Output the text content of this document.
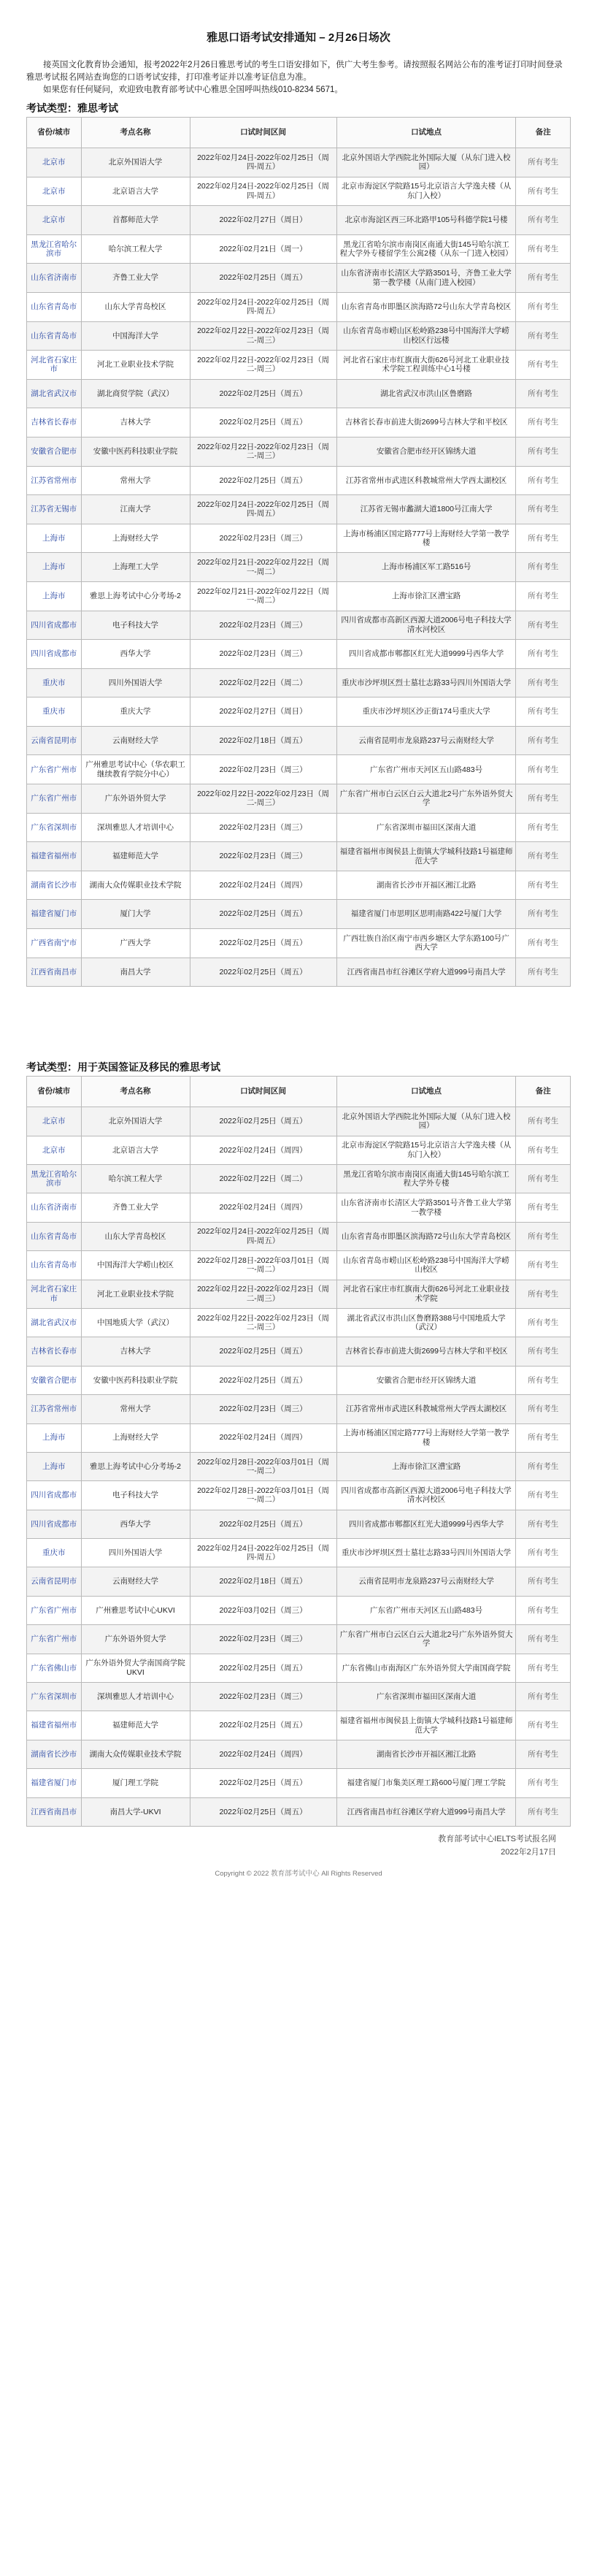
雅思口语考试安排通知 – 2月26日场次

接英国文化教育协会通知，报考2022年2月26日雅思考试的考生口语安排如下，供广大考生参考。请按照报名网站公布的准考证打印时间登录雅思考试报名网站查询您的口语考试安排，打印准考证并以准考证信息为准。

如果您有任何疑问，欢迎致电教育部考试中心雅思全国呼叫热线010-8234 5671。

考试类型：雅思考试
省份/城市	考点名称	口试时间区间	口试地点	备注
北京市	北京外国语大学	2022年02月24日-2022年02月25日（周四-周五）	北京外国语大学西院北外国际大厦（从东门进入校园）	所有考生
北京市	北京语言大学	2022年02月24日-2022年02月25日（周四-周五）	北京市海淀区学院路15号北京语言大学逸夫楼（从东门入校）	所有考生
北京市	首都师范大学	2022年02月27日（周日）	北京市海淀区西三环北路甲105号科德学院1号楼	所有考生
黑龙江省哈尔滨市	哈尔滨工程大学	2022年02月21日（周一）	黑龙江省哈尔滨市南岗区南通大街145号哈尔滨工程大学外专楼留学生公寓2楼（从东一门进入校园）	所有考生
山东省济南市	齐鲁工业大学	2022年02月25日（周五）	山东省济南市长清区大学路3501号，齐鲁工业大学第一教学楼（从南门进入校园）	所有考生
山东省青岛市	山东大学青岛校区	2022年02月24日-2022年02月25日（周四-周五）	山东省青岛市即墨区滨海路72号山东大学青岛校区	所有考生
山东省青岛市	中国海洋大学	2022年02月22日-2022年02月23日（周二-周三）	山东省青岛市崂山区松岭路238号中国海洋大学崂山校区行远楼	所有考生
河北省石家庄市	河北工业职业技术学院	2022年02月22日-2022年02月23日（周二-周三）	河北省石家庄市红旗南大街626号河北工业职业技术学院工程训练中心1号楼	所有考生
湖北省武汉市	湖北商贸学院（武汉）	2022年02月25日（周五）	湖北省武汉市洪山区鲁磨路	所有考生
吉林省长春市	吉林大学	2022年02月25日（周五）	吉林省长春市前进大街2699号吉林大学和平校区	所有考生
安徽省合肥市	安徽中医药科技职业学院	2022年02月22日-2022年02月23日（周二-周三）	安徽省合肥市经开区锦绣大道	所有考生
江苏省常州市	常州大学	2022年02月25日（周五）	江苏省常州市武进区科教城常州大学西太湖校区	所有考生
江苏省无锡市	江南大学	2022年02月24日-2022年02月25日（周四-周五）	江苏省无锡市蠡湖大道1800号江南大学	所有考生
上海市	上海财经大学	2022年02月23日（周三）	上海市杨浦区国定路777号上海财经大学第一教学楼	所有考生
上海市	上海理工大学	2022年02月21日-2022年02月22日（周一-周二）	上海市杨浦区军工路516号	所有考生
上海市	雅思上海考试中心分考场-2	2022年02月21日-2022年02月22日（周一-周二）	上海市徐汇区漕宝路	所有考生
四川省成都市	电子科技大学	2022年02月23日（周三）	四川省成都市高新区西源大道2006号电子科技大学清水河校区	所有考生
四川省成都市	西华大学	2022年02月23日（周三）	四川省成都市郫都区红光大道9999号西华大学	所有考生
重庆市	四川外国语大学	2022年02月22日（周二）	重庆市沙坪坝区烈士墓壮志路33号四川外国语大学	所有考生
重庆市	重庆大学	2022年02月27日（周日）	重庆市沙坪坝区沙正街174号重庆大学	所有考生
云南省昆明市	云南财经大学	2022年02月18日（周五）	云南省昆明市龙泉路237号云南财经大学	所有考生
广东省广州市	广州雅思考试中心（华农职工继续教育学院分中心）	2022年02月23日（周三）	广东省广州市天河区五山路483号	所有考生
广东省广州市	广东外语外贸大学	2022年02月22日-2022年02月23日（周二-周三）	广东省广州市白云区白云大道北2号广东外语外贸大学	所有考生
广东省深圳市	深圳雅思人才培训中心	2022年02月23日（周三）	广东省深圳市福田区深南大道	所有考生
福建省福州市	福建师范大学	2022年02月23日（周三）	福建省福州市闽侯县上街镇大学城科技路1号福建师范大学	所有考生
湖南省长沙市	湖南大众传媒职业技术学院	2022年02月24日（周四）	湖南省长沙市开福区湘江北路	所有考生
福建省厦门市	厦门大学	2022年02月25日（周五）	福建省厦门市思明区思明南路422号厦门大学	所有考生
广西省南宁市	广西大学	2022年02月25日（周五）	广西壮族自治区南宁市西乡塘区大学东路100号广西大学	所有考生
江西省南昌市	南昌大学	2022年02月25日（周五）	江西省南昌市红谷滩区学府大道999号南昌大学	所有考生
考试类型：用于英国签证及移民的雅思考试
省份/城市	考点名称	口试时间区间	口试地点	备注
北京市	北京外国语大学	2022年02月25日（周五）	北京外国语大学西院北外国际大厦（从东门进入校园）	所有考生
北京市	北京语言大学	2022年02月24日（周四）	北京市海淀区学院路15号北京语言大学逸夫楼（从东门入校）	所有考生
黑龙江省哈尔滨市	哈尔滨工程大学	2022年02月22日（周二）	黑龙江省哈尔滨市南岗区南通大街145号哈尔滨工程大学外专楼	所有考生
山东省济南市	齐鲁工业大学	2022年02月24日（周四）	山东省济南市长清区大学路3501号齐鲁工业大学第一教学楼	所有考生
山东省青岛市	山东大学青岛校区	2022年02月24日-2022年02月25日（周四-周五）	山东省青岛市即墨区滨海路72号山东大学青岛校区	所有考生
山东省青岛市	中国海洋大学崂山校区	2022年02月28日-2022年03月01日（周一-周二）	山东省青岛市崂山区松岭路238号中国海洋大学崂山校区	所有考生
河北省石家庄市	河北工业职业技术学院	2022年02月22日-2022年02月23日（周二-周三）	河北省石家庄市红旗南大街626号河北工业职业技术学院	所有考生
湖北省武汉市	中国地质大学（武汉）	2022年02月22日-2022年02月23日（周二-周三）	湖北省武汉市洪山区鲁磨路388号中国地质大学（武汉）	所有考生
吉林省长春市	吉林大学	2022年02月25日（周五）	吉林省长春市前进大街2699号吉林大学和平校区	所有考生
安徽省合肥市	安徽中医药科技职业学院	2022年02月25日（周五）	安徽省合肥市经开区锦绣大道	所有考生
江苏省常州市	常州大学	2022年02月23日（周三）	江苏省常州市武进区科教城常州大学西太湖校区	所有考生
上海市	上海财经大学	2022年02月24日（周四）	上海市杨浦区国定路777号上海财经大学第一教学楼	所有考生
上海市	雅思上海考试中心分考场-2	2022年02月28日-2022年03月01日（周一-周二）	上海市徐汇区漕宝路	所有考生
四川省成都市	电子科技大学	2022年02月28日-2022年03月01日（周一-周二）	四川省成都市高新区西源大道2006号电子科技大学清水河校区	所有考生
四川省成都市	西华大学	2022年02月25日（周五）	四川省成都市郫都区红光大道9999号西华大学	所有考生
重庆市	四川外国语大学	2022年02月24日-2022年02月25日（周四-周五）	重庆市沙坪坝区烈士墓壮志路33号四川外国语大学	所有考生
云南省昆明市	云南财经大学	2022年02月18日（周五）	云南省昆明市龙泉路237号云南财经大学	所有考生
广东省广州市	广州雅思考试中心UKVI	2022年03月02日（周三）	广东省广州市天河区五山路483号	所有考生
广东省广州市	广东外语外贸大学	2022年02月23日（周三）	广东省广州市白云区白云大道北2号广东外语外贸大学	所有考生
广东省佛山市	广东外语外贸大学南国商学院UKVI	2022年02月25日（周五）	广东省佛山市南海区广东外语外贸大学南国商学院	所有考生
广东省深圳市	深圳雅思人才培训中心	2022年02月23日（周三）	广东省深圳市福田区深南大道	所有考生
福建省福州市	福建师范大学	2022年02月25日（周五）	福建省福州市闽侯县上街镇大学城科技路1号福建师范大学	所有考生
湖南省长沙市	湖南大众传媒职业技术学院	2022年02月24日（周四）	湖南省长沙市开福区湘江北路	所有考生
福建省厦门市	厦门理工学院	2022年02月25日（周五）	福建省厦门市集美区理工路600号厦门理工学院	所有考生
江西省南昌市	南昌大学-UKVI	2022年02月25日（周五）	江西省南昌市红谷滩区学府大道999号南昌大学	所有考生
教育部考试中心IELTS考试报名网
2022年2月17日
Copyright © 2022 教育部考试中心 All Rights Reserved
